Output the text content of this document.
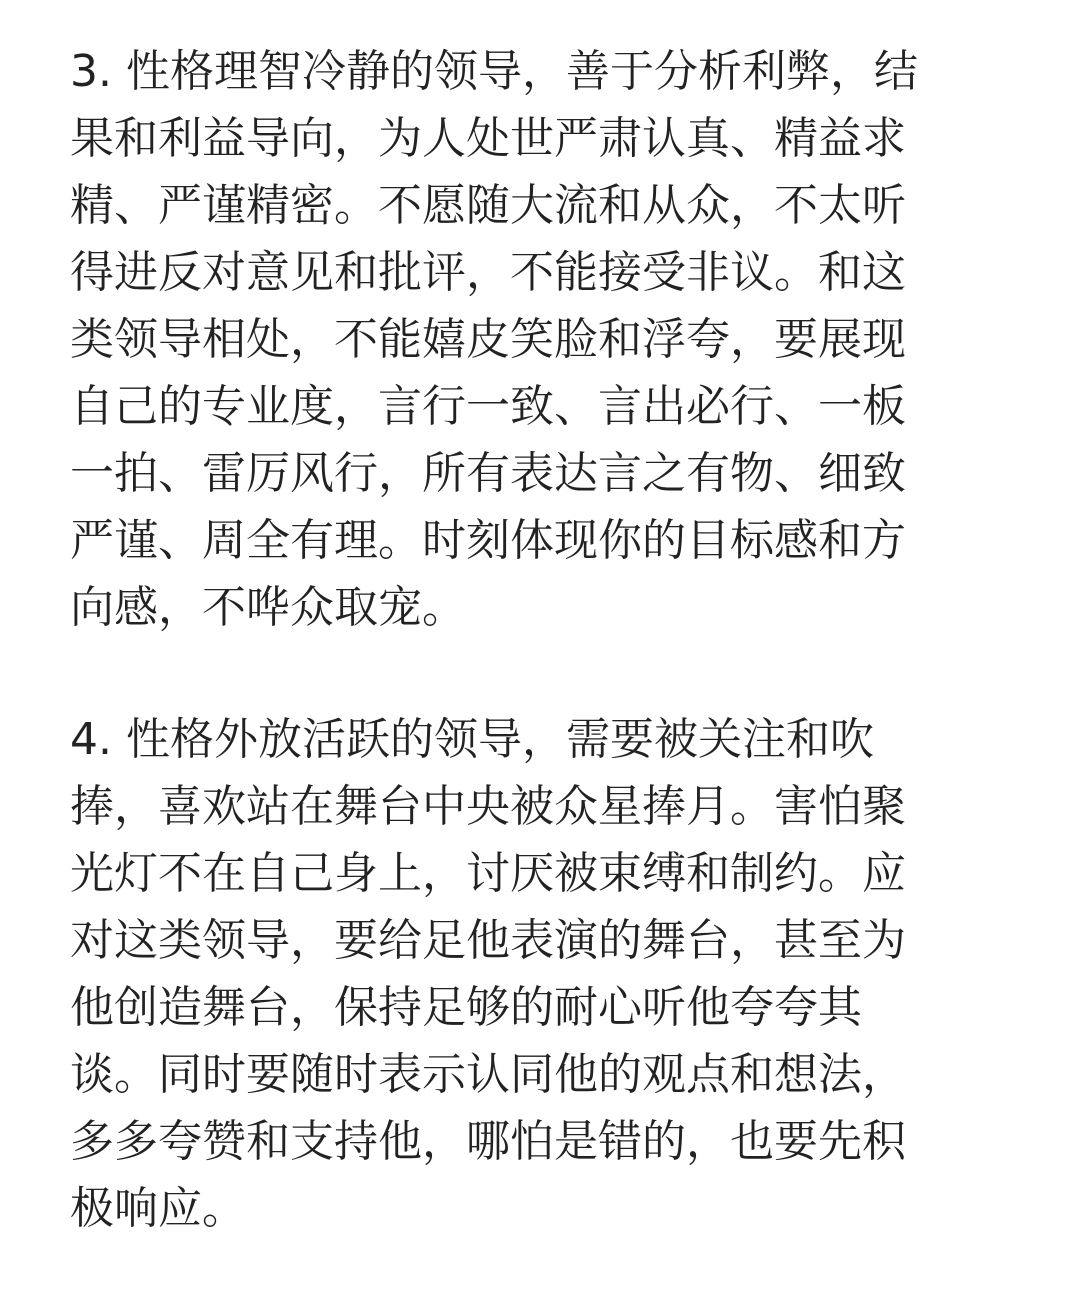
3. 性格理智冷静的领导，善于分析利弊，结
果和利益导向，为人处世严肃认真、精益求
精、严谨精密。不愿随大流和从众，不太听
得进反对意见和批评，不能接受非议。和这
类领导相处，不能嬉皮笑脸和浮夸，要展现
自己的专业度，言行一致、言出必行、一板
一拍、雷厉风行，所有表达言之有物、细致
严谨、周全有理。时刻体现你的目标感和方
向感，不哗众取宠。

4. 性格外放活跃的领导，需要被关注和吹
捧，喜欢站在舞台中央被众星捧月。害怕聚
光灯不在自己身上，讨厌被束缚和制约。应
对这类领导，要给足他表演的舞台，甚至为
他创造舞台，保持足够的耐心听他夸夸其
谈。同时要随时表示认同他的观点和想法，
多多夸赞和支持他，哪怕是错的，也要先积
极响应。
